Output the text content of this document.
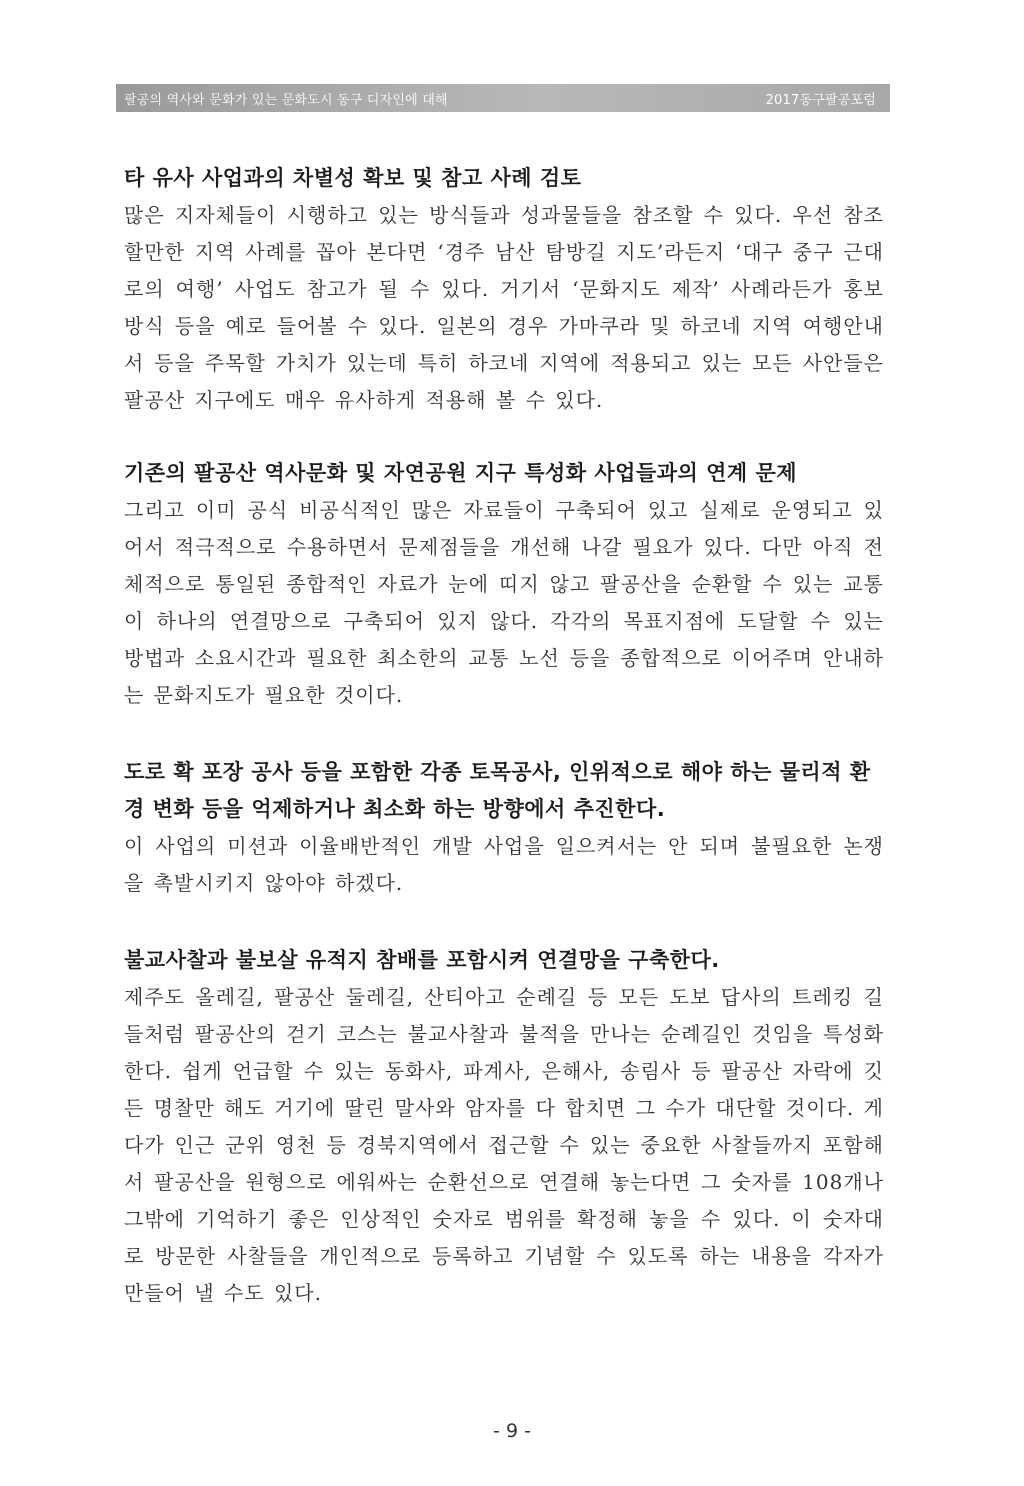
팔공의 역사와 문화가 있는 문화도시 동구 디자인에 대해	2017동구팔공포럼

타 유사 사업과의 차별성 확보 및 참고 사례 검토

많은 지자체들이 시행하고 있는 방식들과 성과물들을 참조할 수 있다. 우선 참조할만한 지역 사례를 꼽아 본다면 ‘경주 남산 탐방길 지도’라든지 ‘대구 중구 근대로의 여행’ 사업도 참고가 될 수 있다. 거기서 ‘문화지도 제작’ 사례라든가 홍보 방식 등을 예로 들어볼 수 있다. 일본의 경우 가마쿠라 및 하코네 지역 여행안내서 등을 주목할 가치가 있는데 특히 하코네 지역에 적용되고 있는 모든 사안들은 팔공산 지구에도 매우 유사하게 적용해 볼 수 있다.

기존의 팔공산 역사문화 및 자연공원 지구 특성화 사업들과의 연계 문제

그리고 이미 공식 비공식적인 많은 자료들이 구축되어 있고 실제로 운영되고 있어서 적극적으로 수용하면서 문제점들을 개선해 나갈 필요가 있다. 다만 아직 전체적으로 통일된 종합적인 자료가 눈에 띠지 않고 팔공산을 순환할 수 있는 교통이 하나의 연결망으로 구축되어 있지 않다. 각각의 목표지점에 도달할 수 있는 방법과 소요시간과 필요한 최소한의 교통 노선 등을 종합적으로 이어주며 안내하는 문화지도가 필요한 것이다.

도로 확 포장 공사 등을 포함한 각종 토목공사, 인위적으로 해야 하는 물리적 환경 변화 등을 억제하거나 최소화 하는 방향에서 추진한다.

이 사업의 미션과 이율배반적인 개발 사업을 일으켜서는 안 되며 불필요한 논쟁을 촉발시키지 않아야 하겠다.

불교사찰과 불보살 유적지 참배를 포함시켜 연결망을 구축한다.

제주도 올레길, 팔공산 둘레길, 산티아고 순례길 등 모든 도보 답사의 트레킹 길들처럼 팔공산의 걷기 코스는 불교사찰과 불적을 만나는 순례길인 것임을 특성화 한다. 쉽게 언급할 수 있는 동화사, 파계사, 은해사, 송림사 등 팔공산 자락에 깃든 명찰만 해도 거기에 딸린 말사와 암자를 다 합치면 그 수가 대단할 것이다. 게다가 인근 군위 영천 등 경북지역에서 접근할 수 있는 중요한 사찰들까지 포함해서 팔공산을 원형으로 에워싸는 순환선으로 연결해 놓는다면 그 숫자를 108개나 그밖에 기억하기 좋은 인상적인 숫자로 범위를 확정해 놓을 수 있다. 이 숫자대로 방문한 사찰들을 개인적으로 등록하고 기념할 수 있도록 하는 내용을 각자가 만들어 낼 수도 있다.

- 9 -
